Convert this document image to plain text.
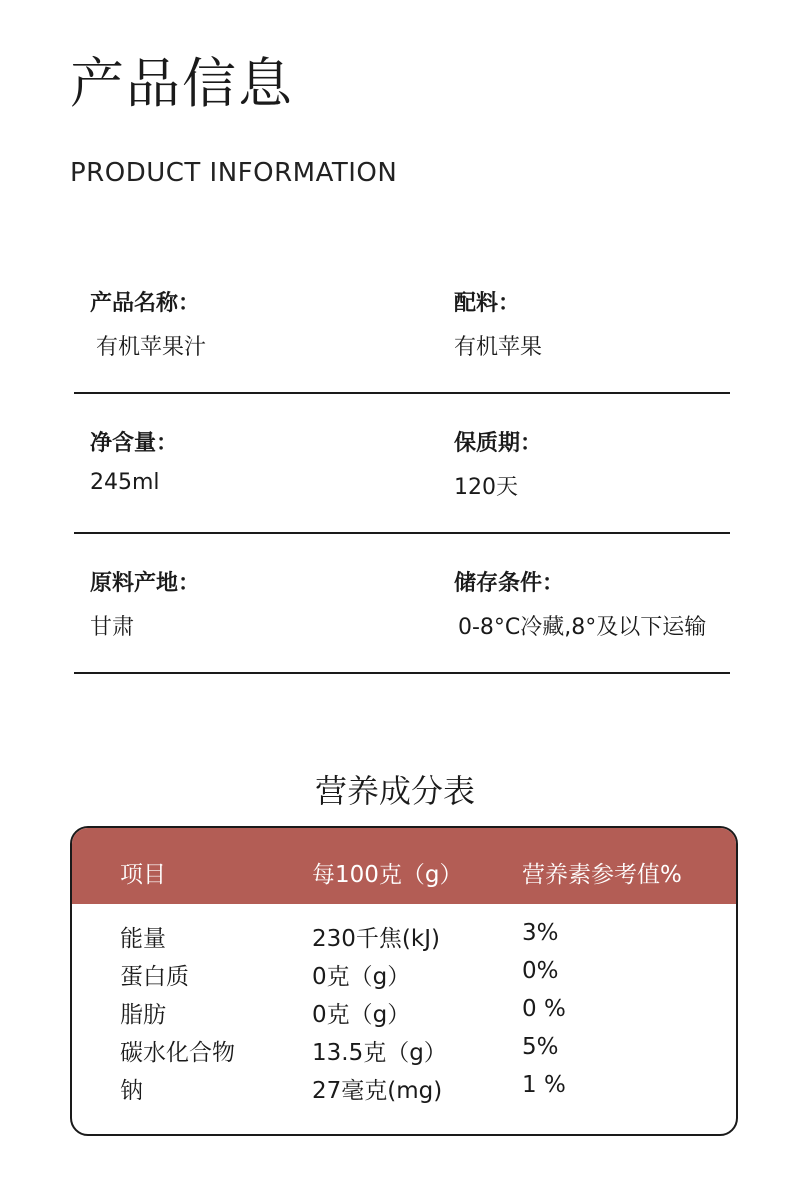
产品信息
PRODUCT INFORMATION
产品名称：
有机苹果汁
配料：
有机苹果
净含量：
245ml
保质期：
120天
原料产地：
甘肃
储存条件：
0-8°C冷藏,8°及以下运输
营养成分表
项目	每100克（g）	营养素参考值%
能量	230千焦(kJ)	3%
蛋白质	0克（g）	0%
脂肪	0克（g）	0 %
碳水化合物	13.5克（g）	5%
钠	27毫克(mg)	1 %
